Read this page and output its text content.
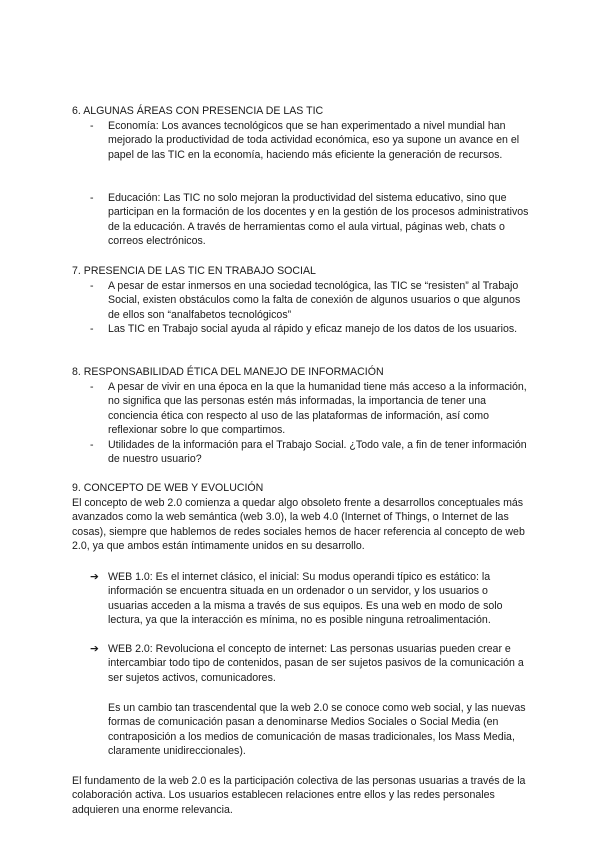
6. ALGUNAS ÁREAS CON PRESENCIA DE LAS TIC
- Economía: Los avances tecnológicos que se han experimentado a nivel mundial han mejorado la productividad de toda actividad económica, eso ya supone un avance en el papel de las TIC en la economía, haciendo más eficiente la generación de recursos.
- Educación: Las TIC no solo mejoran la productividad del sistema educativo, sino que participan en la formación de los docentes y en la gestión de los procesos administrativos de la educación. A través de herramientas como el aula virtual, páginas web, chats o correos electrónicos.
7. PRESENCIA DE LAS TIC EN TRABAJO SOCIAL
- A pesar de estar inmersos en una sociedad tecnológica, las TIC se “resisten” al Trabajo Social, existen obstáculos como la falta de conexión de algunos usuarios o que algunos de ellos son “analfabetos tecnológicos”
- Las TIC en Trabajo social ayuda al rápido y eficaz manejo de los datos de los usuarios.
8. RESPONSABILIDAD ÉTICA DEL MANEJO DE INFORMACIÓN
- A pesar de vivir en una época en la que la humanidad tiene más acceso a la información, no significa que las personas estén más informadas, la importancia de tener una conciencia ética con respecto al uso de las plataformas de información, así como reflexionar sobre lo que compartimos.
- Utilidades de la información para el Trabajo Social. ¿Todo vale, a fin de tener información de nuestro usuario?
9. CONCEPTO DE WEB Y EVOLUCIÓN
El concepto de web 2.0 comienza a quedar algo obsoleto frente a desarrollos conceptuales más avanzados como la web semántica (web 3.0), la web 4.0 (Internet of Things, o Internet de las cosas), siempre que hablemos de redes sociales hemos de hacer referencia al concepto de web 2.0, ya que ambos están íntimamente unidos en su desarrollo.
➔ WEB 1.0: Es el internet clásico, el inicial: Su modus operandi típico es estático: la información se encuentra situada en un ordenador o un servidor, y los usuarios o usuarias acceden a la misma a través de sus equipos. Es una web en modo de solo lectura, ya que la interacción es mínima, no es posible ninguna retroalimentación.
➔ WEB 2.0: Revoluciona el concepto de internet: Las personas usuarias pueden crear e intercambiar todo tipo de contenidos, pasan de ser sujetos pasivos de la comunicación a ser sujetos activos, comunicadores.
Es un cambio tan trascendental que la web 2.0 se conoce como web social, y las nuevas formas de comunicación pasan a denominarse Medios Sociales o Social Media (en contraposición a los medios de comunicación de masas tradicionales, los Mass Media, claramente unidireccionales).
El fundamento de la web 2.0 es la participación colectiva de las personas usuarias a través de la colaboración activa. Los usuarios establecen relaciones entre ellos y las redes personales adquieren una enorme relevancia.
